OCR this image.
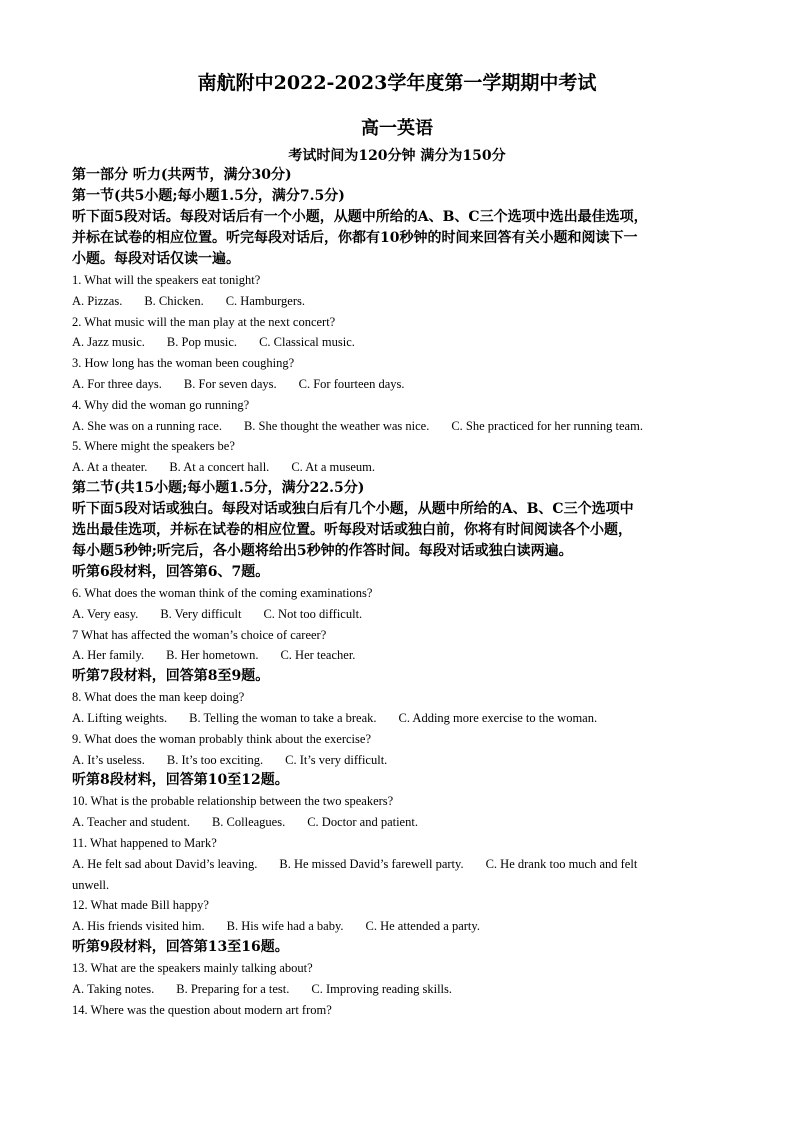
南航附中2022-2023学年度第一学期期中考试
高一英语
考试时间为120分钟 满分为150分
第一部分 听力(共两节，满分30分)
第一节(共5小题;每小题1.5分，满分7.5分)
听下面5段对话。每段对话后有一个小题，从题中所给的A、B、C三个选项中选出最佳选项，
并标在试卷的相应位置。听完每段对话后，你都有10秒钟的时间来回答有关小题和阅读下一
小题。每段对话仅读一遍。
1. What will the speakers eat tonight?
A. Pizzas. B. Chicken. C. Hamburgers.
2. What music will the man play at the next concert?
A. Jazz music. B. Pop music. C. Classical music.
3. How long has the woman been coughing?
A. For three days. B. For seven days. C. For fourteen days.
4. Why did the woman go running?
A. She was on a running race. B. She thought the weather was nice. C. She practiced for her running team.
5. Where might the speakers be?
A. At a theater. B. At a concert hall. C. At a museum.
第二节(共15小题;每小题1.5分，满分22.5分)
听下面5段对话或独白。每段对话或独白后有几个小题，从题中所给的A、B、C三个选项中
选出最佳选项，并标在试卷的相应位置。听每段对话或独白前，你将有时间阅读各个小题，
每小题5秒钟;听完后，各小题将给出5秒钟的作答时间。每段对话或独白读两遍。
听第6段材料，回答第6、7题。
6. What does the woman think of the coming examinations?
A. Very easy. B. Very difficult C. Not too difficult.
7 What has affected the woman’s choice of career?
A. Her family. B. Her hometown. C. Her teacher.
听第7段材料，回答第8至9题。
8. What does the man keep doing?
A. Lifting weights. B. Telling the woman to take a break. C. Adding more exercise to the woman.
9. What does the woman probably think about the exercise?
A. It’s useless. B. It’s too exciting. C. It’s very difficult.
听第8段材料，回答第10至12题。
10. What is the probable relationship between the two speakers?
A. Teacher and student. B. Colleagues. C. Doctor and patient.
11. What happened to Mark?
A. He felt sad about David’s leaving. B. He missed David’s farewell party. C. He drank too much and felt
unwell.
12. What made Bill happy?
A. His friends visited him. B. His wife had a baby. C. He attended a party.
听第9段材料，回答第13至16题。
13. What are the speakers mainly talking about?
A. Taking notes. B. Preparing for a test. C. Improving reading skills.
14. Where was the question about modern art from?
